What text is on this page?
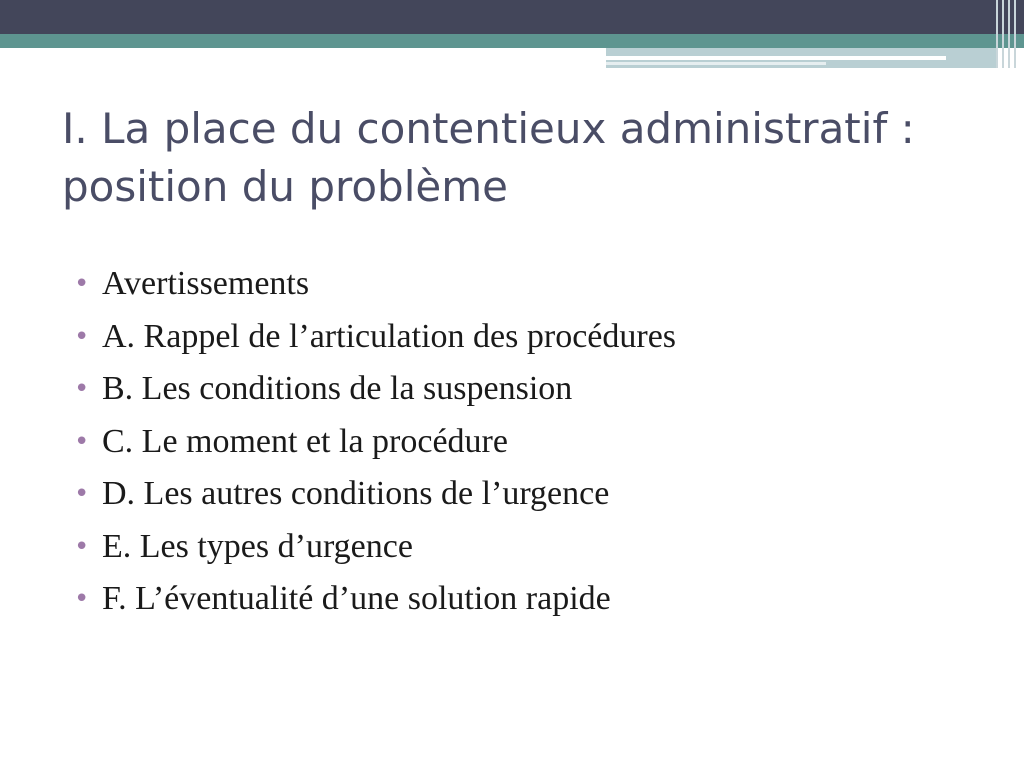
I. La place du contentieux administratif : position du problème
• Avertissements
• A. Rappel de l’articulation des procédures
• B. Les conditions de la suspension
• C. Le moment et la procédure
• D. Les autres conditions de l’urgence
• E. Les types d’urgence
• F. L’éventualité d’une solution rapide
